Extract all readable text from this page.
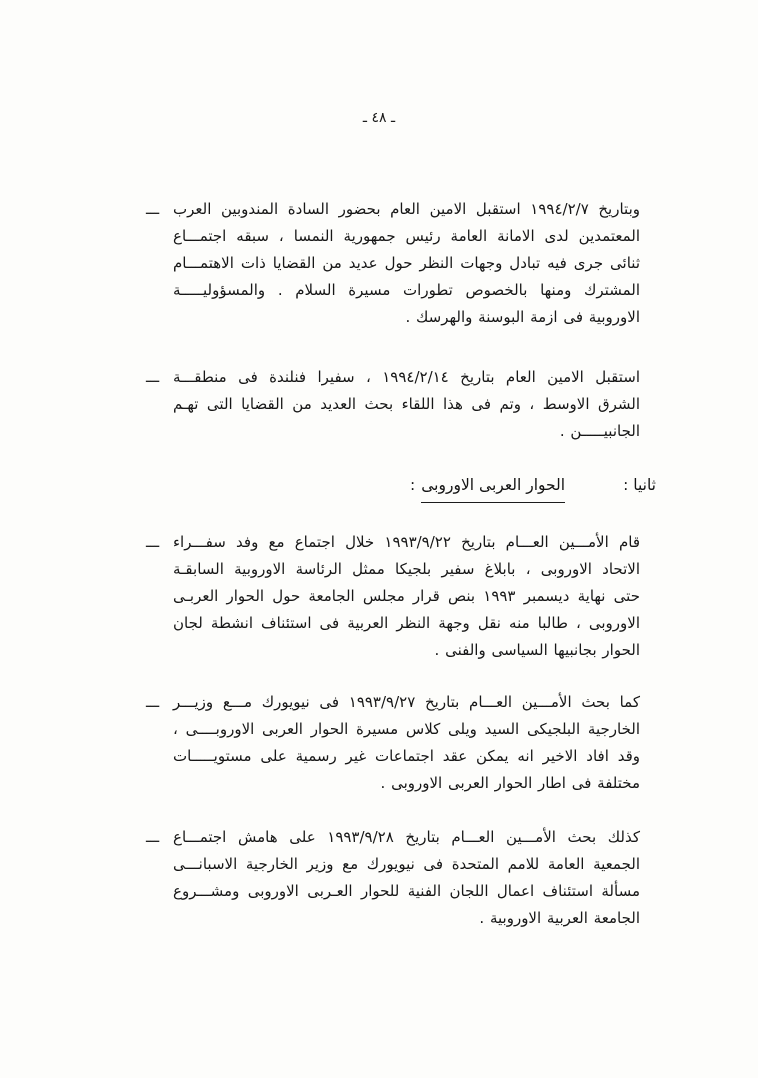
ـ ٤٨ ـ
ـــ وبتاريخ ١٩٩٤/٢/٧ استقبل الامين العام بحضور السادة المندوبين العرب
المعتمدين لدى الامانة العامة رئيس جمهورية النمسا ، سبقه اجتمـــاع
ثنائى جرى فيه تبادل وجهات النظر حول عديد من القضايا ذات الاهتمـــام
المشترك ومنها بالخصوص تطورات مسيرة السلام . والمسؤوليـــــة
الاوروبية فى ازمة البوسنة والهرسك .
ـــ استقبل الامين العام بتاريخ ١٩٩٤/٢/١٤ ، سفيرا فنلندة فى منطقـــة
الشرق الاوسط ، وتم فى هذا اللقاء بحث العديد من القضايا التى تهـم
الجانبيـــــن .
ثانيا :
الحوار العربى الاوروبى:
ـــ قام الأمـــين العـــام بتاريخ ١٩٩٣/٩/٢٢ خلال اجتماع مع وفد سفـــراء
الاتحاد الاوروبى ، بابلاغ سفير بلجيكا ممثل الرئاسة الاوروبية السابقـة
حتى نهاية ديسمبر ١٩٩٣ بنص قرار مجلس الجامعة حول الحوار العربـى
الاوروبى ، طالبا منه نقل وجهة النظر العربية فى استئناف انشطة لجان
الحوار بجانبيها السياسى والفنى .
ـــ كما بحث الأمـــين العـــام بتاريخ ١٩٩٣/٩/٢٧ فى نيويورك مـــع وزيـــر
الخارجية البلجيكى السيد ويلى كلاس مسيرة الحوار العربى الاوروبــــى ،
وقد افاد الاخير انه يمكن عقد اجتماعات غير رسمية على مستويـــــات
مختلفة فى اطار الحوار العربى الاوروبى .
ـــ كذلك بحث الأمـــين العـــام بتاريخ ١٩٩٣/٩/٢٨ على هامش اجتمـــاع
الجمعية العامة للامم المتحدة فى نيويورك مع وزير الخارجية الاسبانـــى
مسألة استئناف اعمال اللجان الفنية للحوار العـربى الاوروبى ومشـــروع
الجامعة العربية الاوروبية .
